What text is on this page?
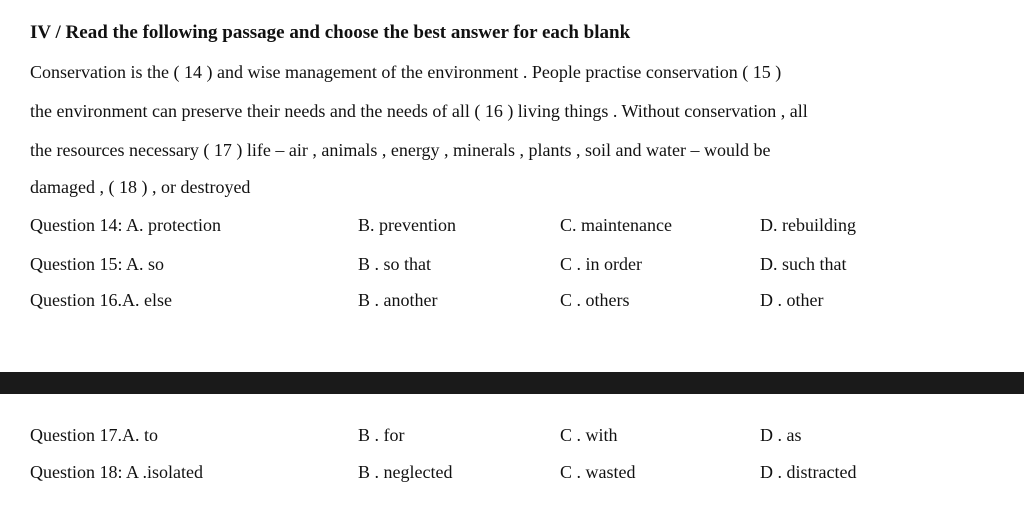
IV / Read the following passage and choose the best answer for each blank
Conservation is the ( 14 ) and wise management of the environment . People practise conservation ( 15 )
the environment can preserve their needs and the needs of all ( 16 ) living things . Without conservation , all
the resources necessary ( 17 ) life – air , animals , energy , minerals , plants , soil and water – would be
damaged , ( 18 ) , or destroyed
Question 14: A. protection	B. prevention	C. maintenance	D. rebuilding
Question 15: A. so	B . so that	C . in order	D. such that
Question 16.A. else	B . another	C . others	D . other
Question 17.A. to	B . for	C . with	D . as
Question 18: A .isolated	B . neglected	C . wasted	D . distracted
